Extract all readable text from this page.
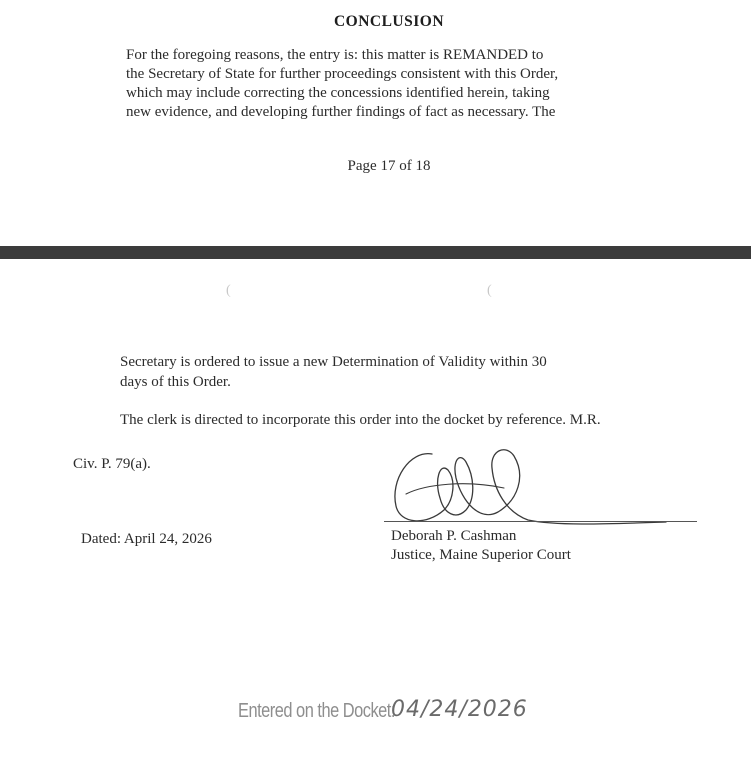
CONCLUSION
For the foregoing reasons, the entry is: this matter is REMANDED to
the Secretary of State for further proceedings consistent with this Order,
which may include correcting the concessions identified herein, taking
new evidence, and developing further findings of fact as necessary. The
Page 17 of 18
(	(
Secretary is ordered to issue a new Determination of Validity within 30
days of this Order.
The clerk is directed to incorporate this order into the docket by reference. M.R.
Civ. P. 79(a).
Dated: April 24, 2026	Deborah P. Cashman
Justice, Maine Superior Court
Entered on the Docket:
04/24/2026
